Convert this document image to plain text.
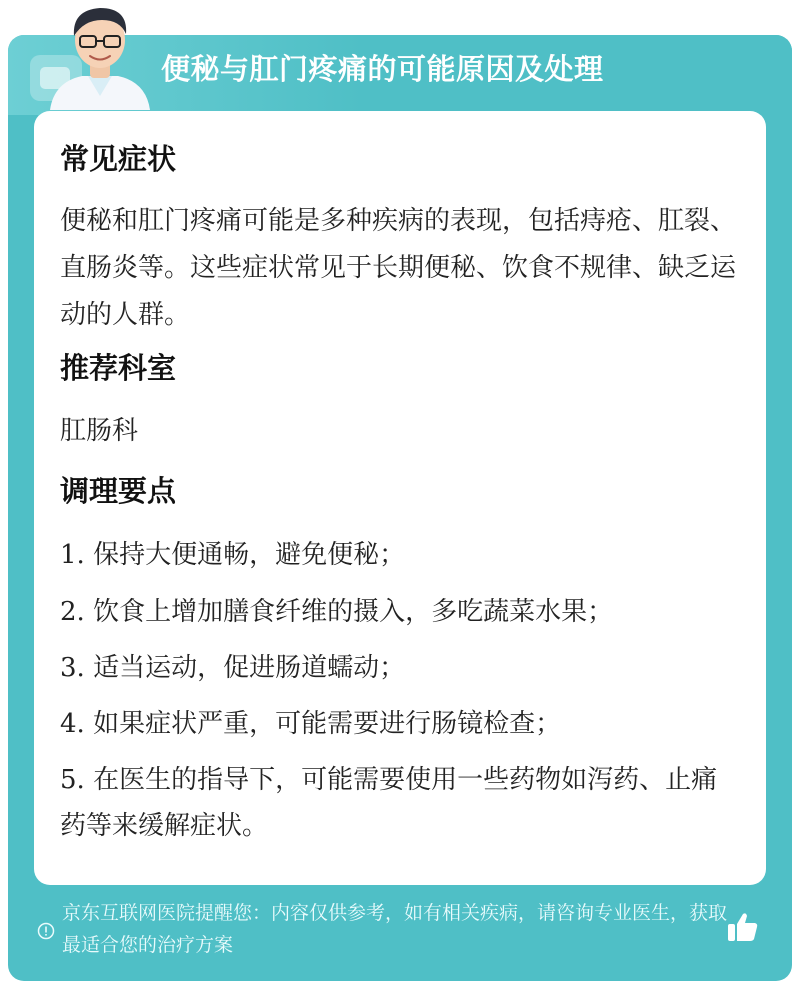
便秘与肛门疼痛的可能原因及处理
常见症状
便秘和肛门疼痛可能是多种疾病的表现，包括痔疮、肛裂、直肠炎等。这些症状常见于长期便秘、饮食不规律、缺乏运动的人群。
推荐科室
肛肠科
调理要点
1. 保持大便通畅，避免便秘；
2. 饮食上增加膳食纤维的摄入，多吃蔬菜水果；
3. 适当运动，促进肠道蠕动；
4. 如果症状严重，可能需要进行肠镜检查；
5. 在医生的指导下，可能需要使用一些药物如泻药、止痛药等来缓解症状。
京东互联网医院提醒您：内容仅供参考，如有相关疾病，请咨询专业医生，获取最适合您的治疗方案
